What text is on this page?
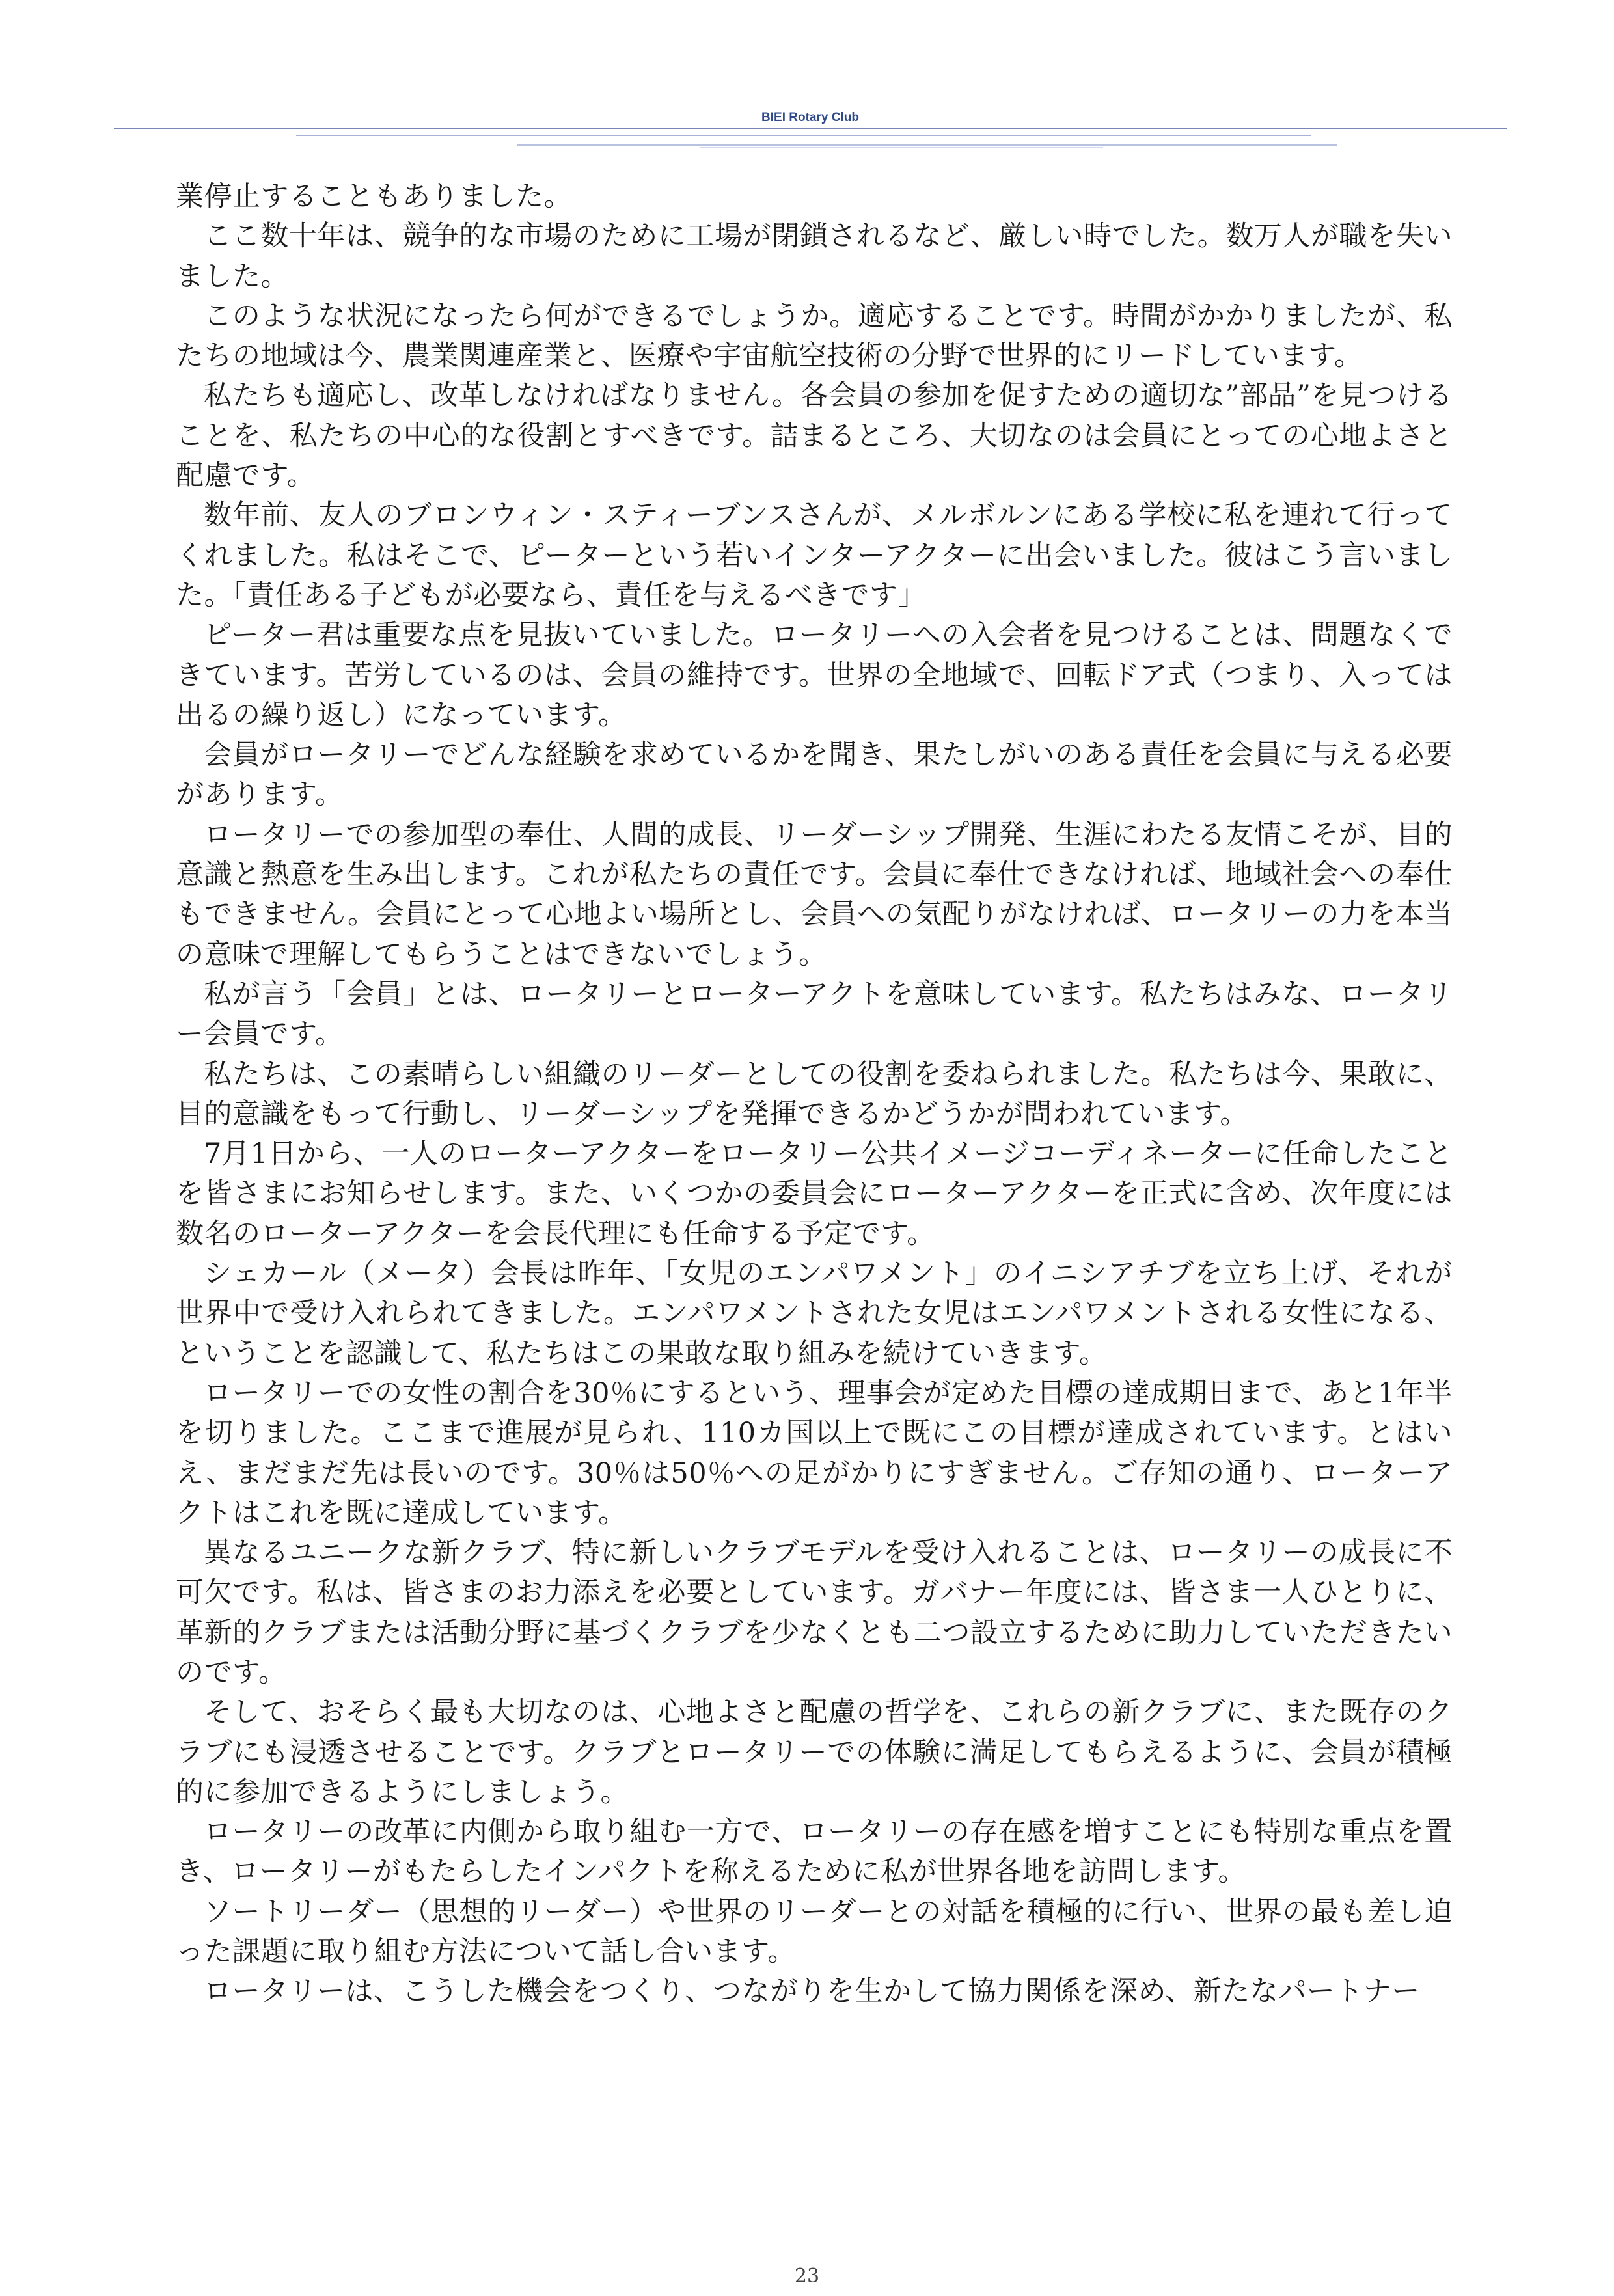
BIEI Rotary Club

業停止することもありました。

ここ数十年は、競争的な市場のために工場が閉鎖されるなど、厳しい時でした。数万人が職を失いました。

このような状況になったら何ができるでしょうか。適応することです。時間がかかりましたが、私たちの地域は今、農業関連産業と、医療や宇宙航空技術の分野で世界的にリードしています。

私たちも適応し、改革しなければなりません。各会員の参加を促すための適切な”部品”を見つけることを、私たちの中心的な役割とすべきです。詰まるところ、大切なのは会員にとっての心地よさと配慮です。

数年前、友人のブロンウィン・スティーブンスさんが、メルボルンにある学校に私を連れて行ってくれました。私はそこで、ピーターという若いインターアクターに出会いました。彼はこう言いました。「責任ある子どもが必要なら、責任を与えるべきです」

ピーター君は重要な点を見抜いていました。ロータリーへの入会者を見つけることは、問題なくできています。苦労しているのは、会員の維持です。世界の全地域で、回転ドア式（つまり、入っては出るの繰り返し）になっています。

会員がロータリーでどんな経験を求めているかを聞き、果たしがいのある責任を会員に与える必要があります。

ロータリーでの参加型の奉仕、人間的成長、リーダーシップ開発、生涯にわたる友情こそが、目的意識と熱意を生み出します。これが私たちの責任です。会員に奉仕できなければ、地域社会への奉仕もできません。会員にとって心地よい場所とし、会員への気配りがなければ、ロータリーの力を本当の意味で理解してもらうことはできないでしょう。

私が言う「会員」とは、ロータリーとローターアクトを意味しています。私たちはみな、ロータリー会員です。

私たちは、この素晴らしい組織のリーダーとしての役割を委ねられました。私たちは今、果敢に、目的意識をもって行動し、リーダーシップを発揮できるかどうかが問われています。

7月1日から、一人のローターアクターをロータリー公共イメージコーディネーターに任命したことを皆さまにお知らせします。また、いくつかの委員会にローターアクターを正式に含め、次年度には数名のローターアクターを会長代理にも任命する予定です。

シェカール（メータ）会長は昨年、「女児のエンパワメント」のイニシアチブを立ち上げ、それが世界中で受け入れられてきました。エンパワメントされた女児はエンパワメントされる女性になる、ということを認識して、私たちはこの果敢な取り組みを続けていきます。

ロータリーでの女性の割合を30％にするという、理事会が定めた目標の達成期日まで、あと1年半を切りました。ここまで進展が見られ、110カ国以上で既にこの目標が達成されています。とはいえ、まだまだ先は長いのです。30％は50％への足がかりにすぎません。ご存知の通り、ローターアクトはこれを既に達成しています。

異なるユニークな新クラブ、特に新しいクラブモデルを受け入れることは、ロータリーの成長に不可欠です。私は、皆さまのお力添えを必要としています。ガバナー年度には、皆さま一人ひとりに、革新的クラブまたは活動分野に基づくクラブを少なくとも二つ設立するために助力していただきたいのです。

そして、おそらく最も大切なのは、心地よさと配慮の哲学を、これらの新クラブに、また既存のクラブにも浸透させることです。クラブとロータリーでの体験に満足してもらえるように、会員が積極的に参加できるようにしましょう。

ロータリーの改革に内側から取り組む一方で、ロータリーの存在感を増すことにも特別な重点を置き、ロータリーがもたらしたインパクトを称えるために私が世界各地を訪問します。

ソートリーダー（思想的リーダー）や世界のリーダーとの対話を積極的に行い、世界の最も差し迫った課題に取り組む方法について話し合います。

ロータリーは、こうした機会をつくり、つながりを生かして協力関係を深め、新たなパートナー

23
